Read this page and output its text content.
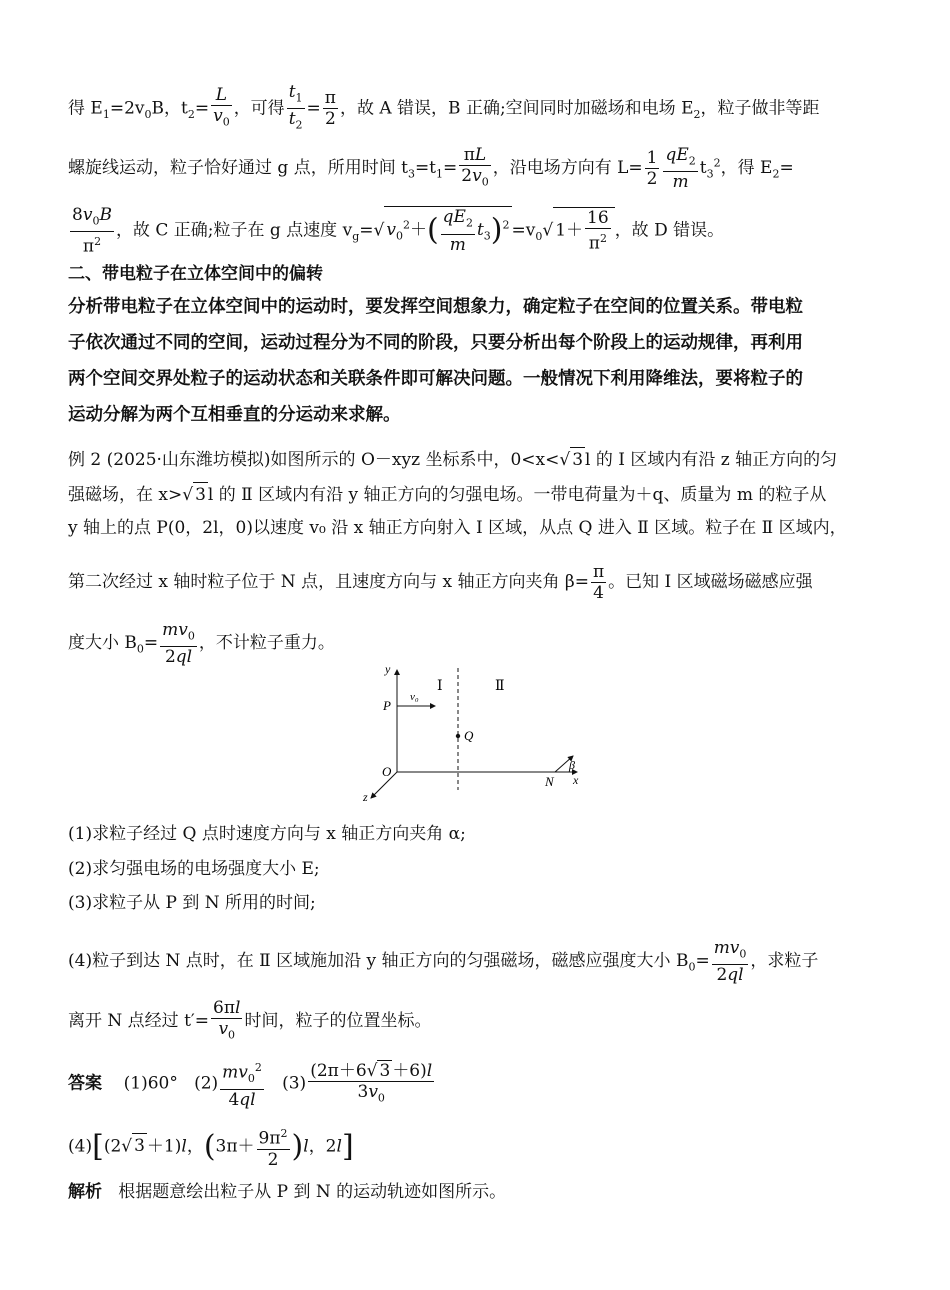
得 $E_1=2v_0B$，$t_2= \frac{L}{v_0}$ ，可得 $\frac{t_1}{t_2} = \frac{\pi}{2}$ ，故 A 错误，B 正确;空间同时加磁场和电场 $E_2$，粒子做非等距
螺旋线运动，粒子恰好通过 g 点，所用时间 $t_3=t_1= \frac{\pi L}{2v_0}$ ，沿电场方向有 $L= \frac{1}{2} \frac{qE_2}{m} t_3^2$，得 $E_2=$
$\frac{8v_0B}{\pi^2}$ ，故 C 正确;粒子在 g 点速度 $v_g=√$ $v_0^2+( \frac{qE_2}{m} t_3)^2 =v_0√$ $1+ \frac{16}{\pi^2}$ ，故 D 错误。
二、带电粒子在立体空间中的偏转
分析带电粒子在立体空间中的运动时，要发挥空间想象力，确定粒子在空间的位置关系。带电粒
子依次通过不同的空间，运动过程分为不同的阶段，只要分析出每个阶段上的运动规律，再利用
两个空间交界处粒子的运动状态和关联条件即可解决问题。一般情况下利用降维法，要将粒子的
运动分解为两个互相垂直的分运动来求解。
例 2 (2025·山东潍坊模拟)如图所示的 O－xyz 坐标系中，0<x<√ 3 l 的 Ⅰ 区域内有沿 z 轴正方向的匀
强磁场，在 x>√ 3 l 的 Ⅱ 区域内有沿 y 轴正方向的匀强电场。一带电荷量为＋q、质量为 m 的粒子从
y 轴上的点 P(0，2l，0)以速度 v₀ 沿 x 轴正方向射入 Ⅰ 区域，从点 Q 进入 Ⅱ 区域。粒子在 Ⅱ 区域内，
第二次经过 x 轴时粒子位于 N 点，且速度方向与 x 轴正方向夹角 $\beta= \frac{\pi}{4}$ 。已知 Ⅰ 区域磁场磁感应强
度大小 $B_0= \frac{mv_0}{2ql}$ ，不计粒子重力。
y
x
z
O
P
Q
N
v₀
Ⅰ	Ⅱ
β
(1)求粒子经过 Q 点时速度方向与 x 轴正方向夹角 α;
(2)求匀强电场的电场强度大小 E;
(3)求粒子从 P 到 N 所用的时间;
(4)粒子到达 N 点时，在 Ⅱ 区域施加沿 y 轴正方向的匀强磁场，磁感应强度大小 $B_0= \frac{mv_0}{2ql}$ ，求粒子
离开 N 点经过 $t'= \frac{6\pi l}{v_0}$ 时间，粒子的位置坐标。
答案 (1)60° $(2) \frac{mv_0^2}{4ql} (3) \frac{(2\pi+6√ 3 +6)l}{3v_0}$
(4)[(2√ 3 ＋1)l，$(3\pi+ \frac{9\pi^2}{2} )l$，2l]
解析 根据题意绘出粒子从 P 到 N 的运动轨迹如图所示。
